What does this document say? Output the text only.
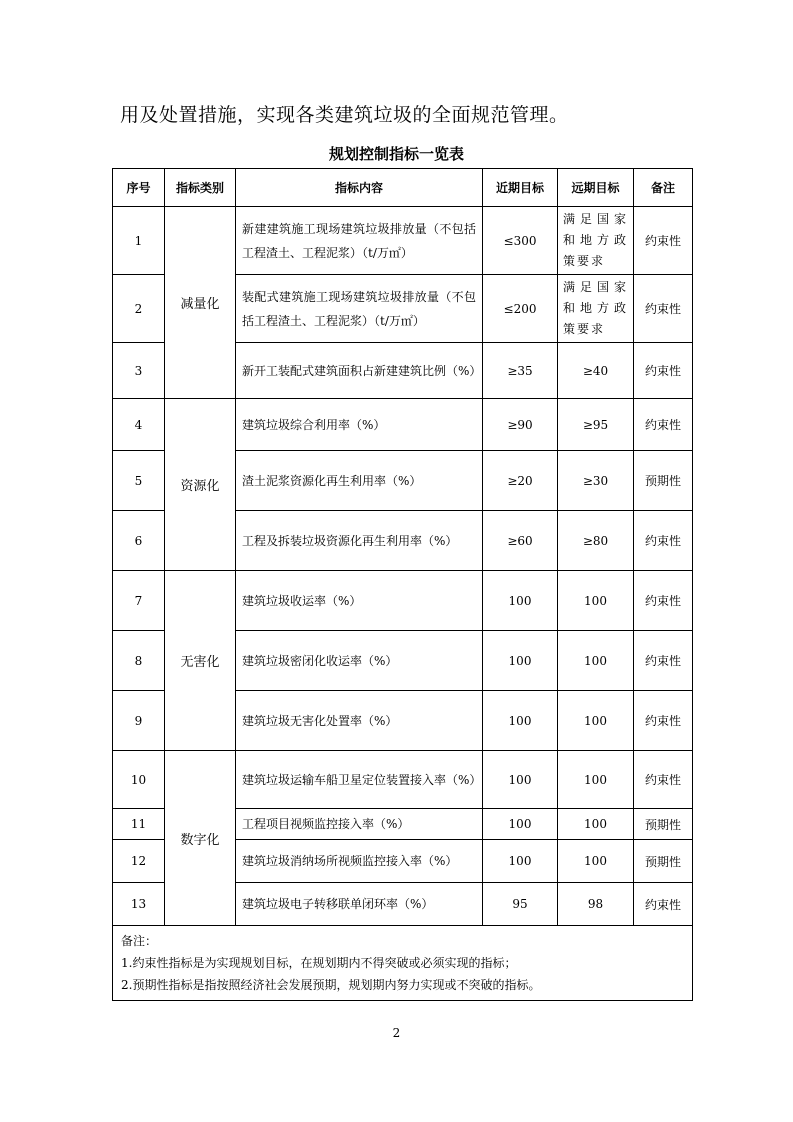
用及处置措施，实现各类建筑垃圾的全面规范管理。
规划控制指标一览表
序号	指标类别	指标内容	近期目标	远期目标	备注
1	减量化	新建建筑施工现场建筑垃圾排放量（不包括工程渣土、工程泥浆）（t/万㎡）	≤300	满足国家和地方政策要求	约束性
2		装配式建筑施工现场建筑垃圾排放量（不包括工程渣土、工程泥浆）（t/万㎡）	≤200	满足国家和地方政策要求	约束性
3		新开工装配式建筑面积占新建建筑比例（%）	≥35	≥40	约束性
4	资源化	建筑垃圾综合利用率（%）	≥90	≥95	约束性
5		渣土泥浆资源化再生利用率（%）	≥20	≥30	预期性
6		工程及拆装垃圾资源化再生利用率（%）	≥60	≥80	约束性
7	无害化	建筑垃圾收运率（%）	100	100	约束性
8		建筑垃圾密闭化收运率（%）	100	100	约束性
9		建筑垃圾无害化处置率（%）	100	100	约束性
10	数字化	建筑垃圾运输车船卫星定位装置接入率（%）	100	100	约束性
11		工程项目视频监控接入率（%）	100	100	预期性
12		建筑垃圾消纳场所视频监控接入率（%）	100	100	预期性
13		建筑垃圾电子转移联单闭环率（%）	95	98	约束性

备注：
1.约束性指标是为实现规划目标，在规划期内不得突破或必须实现的指标；
2.预期性指标是指按照经济社会发展预期，规划期内努力实现或不突破的指标。					
2
